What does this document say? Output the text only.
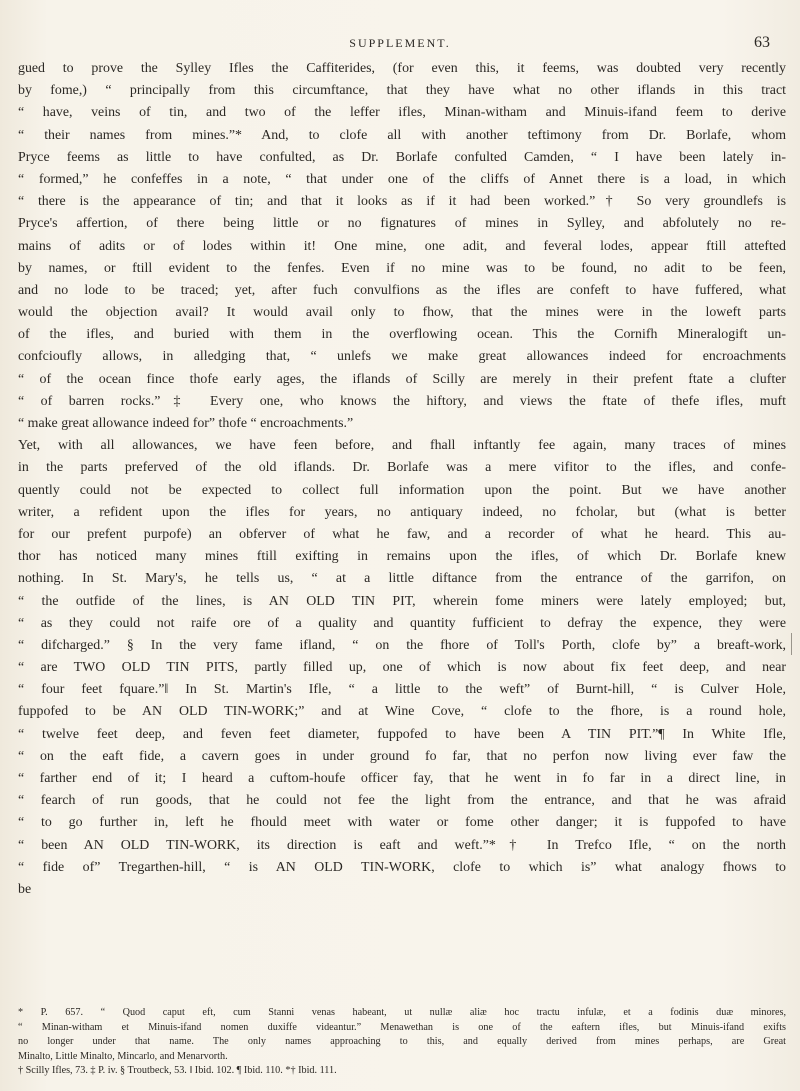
SUPPLEMENT.	63
gued to prove the Sylley Ifles the Caffiterides, (for even this, it feems, was doubted very recently
by fome,) “ principally from this circumftance, that they have what no other iflands in this tract
“ have, veins of tin, and two of the leffer ifles, Minan-witham and Minuis-ifand feem to derive
“ their names from mines.”* And, to clofe all with another teftimony from Dr. Borlafe, whom
Pryce feems as little to have confulted, as Dr. Borlafe confulted Camden, “ I have been lately in-
“ formed,” he confeffes in a note, “ that under one of the cliffs of Annet there is a load, in which
“ there is the appearance of tin; and that it looks as if it had been worked.”† So very groundlefs is
Pryce's affertion, of there being little or no fignatures of mines in Sylley, and abfolutely no re-
mains of adits or of lodes within it! One mine, one adit, and feveral lodes, appear ftill attefted
by names, or ftill evident to the fenfes. Even if no mine was to be found, no adit to be feen,
and no lode to be traced; yet, after fuch convulfions as the ifles are confeft to have fuffered, what
would the objection avail? It would avail only to fhow, that the mines were in the loweft parts
of the ifles, and buried with them in the overflowing ocean. This the Cornifh Mineralogift un-
confcioufly allows, in alledging that, “ unlefs we make great allowances indeed for encroachments
“ of the ocean fince thofe early ages, the iflands of Scilly are merely in their prefent ftate a clufter
“ of barren rocks.”‡ Every one, who knows the hiftory, and views the ftate of thefe ifles, muft
“ make great allowance indeed for” thofe “ encroachments.”
Yet, with all allowances, we have feen before, and fhall inftantly fee again, many traces of mines
in the parts preferved of the old iflands. Dr. Borlafe was a mere vifitor to the ifles, and confe-
quently could not be expected to collect full information upon the point. But we have another
writer, a refident upon the ifles for years, no antiquary indeed, no fcholar, but (what is better
for our prefent purpofe) an obferver of what he faw, and a recorder of what he heard. This au-
thor has noticed many mines ftill exifting in remains upon the ifles, of which Dr. Borlafe knew
nothing. In St. Mary's, he tells us, “ at a little diftance from the entrance of the garrifon, on
“ the outfide of the lines, is AN OLD TIN PIT, wherein fome miners were lately employed; but,
“ as they could not raife ore of a quality and quantity fufficient to defray the expence, they were
“ difcharged.” § In the very fame ifland, “ on the fhore of Toll's Porth, clofe by” a breaft-work,
“ are TWO OLD TIN PITS, partly filled up, one of which is now about fix feet deep, and near
“ four feet fquare.”‖ In St. Martin's Ifle, “ a little to the weft” of Burnt-hill, “ is Culver Hole,
fuppofed to be AN OLD TIN-WORK;” and at Wine Cove, “ clofe to the fhore, is a round hole,
“ twelve feet deep, and feven feet diameter, fuppofed to have been A TIN PIT.”¶ In White Ifle,
“ on the eaft fide, a cavern goes in under ground fo far, that no perfon now living ever faw the
“ farther end of it; I heard a cuftom-houfe officer fay, that he went in fo far in a direct line, in
“ fearch of run goods, that he could not fee the light from the entrance, and that he was afraid
“ to go further in, left he fhould meet with water or fome other danger; it is fuppofed to have
“ been AN OLD TIN-WORK, its direction is eaft and weft.”*† In Trefco Ifle, “ on the north
“ fide of” Tregarthen-hill, “ is AN OLD TIN-WORK, clofe to which is” what analogy fhows to
be
* P. 657. “ Quod caput eft, cum Stanni venas habeant, ut nullæ aliæ hoc tractu infulæ, et a fodinis duæ minores,
“ Minan-witham et Minuis-ifand nomen duxiffe videantur.” Menawethan is one of the eaftern ifles, but Minuis-ifand exifts
no longer under that name. The only names approaching to this, and equally derived from mines perhaps, are Great
Minalto, Little Minalto, Mincarlo, and Menarvorth.
† Scilly Ifles, 73. ‡ P. iv. § Troutbeck, 53. ‖ Ibid. 102. ¶ Ibid. 110. *† Ibid. 111.
